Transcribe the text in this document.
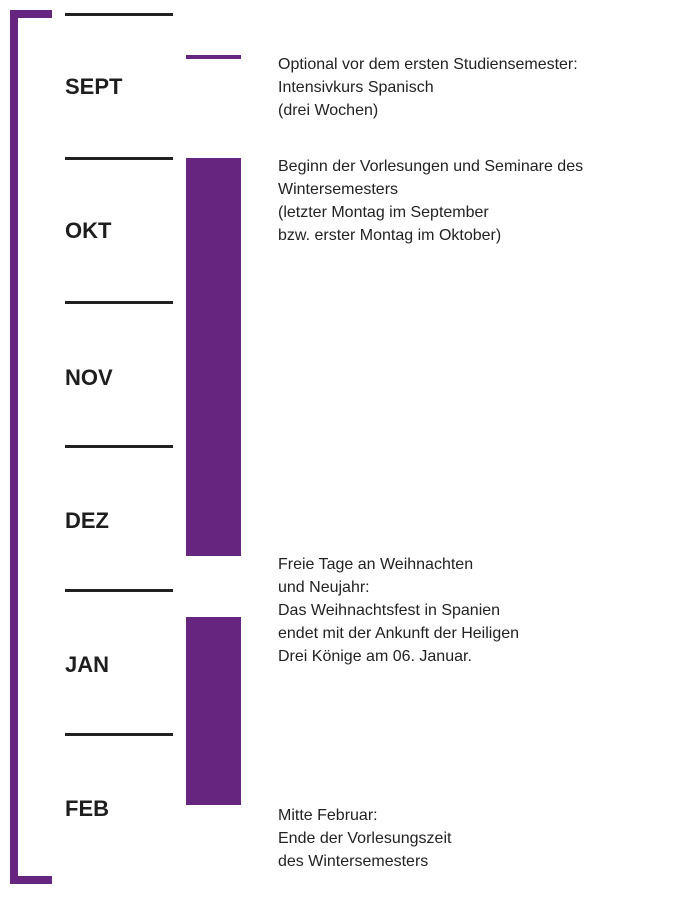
SEPT
OKT
NOV
DEZ
JAN
FEB
Optional vor dem ersten Studiensemester:
Intensivkurs Spanisch
(drei Wochen)
Beginn der Vorlesungen und Seminare des
Wintersemesters
(letzter Montag im September
bzw. erster Montag im Oktober)
Freie Tage an Weihnachten
und Neujahr:
Das Weihnachtsfest in Spanien
endet mit der Ankunft der Heiligen
Drei Könige am 06. Januar.
Mitte Februar:
Ende der Vorlesungszeit
des Wintersemesters
